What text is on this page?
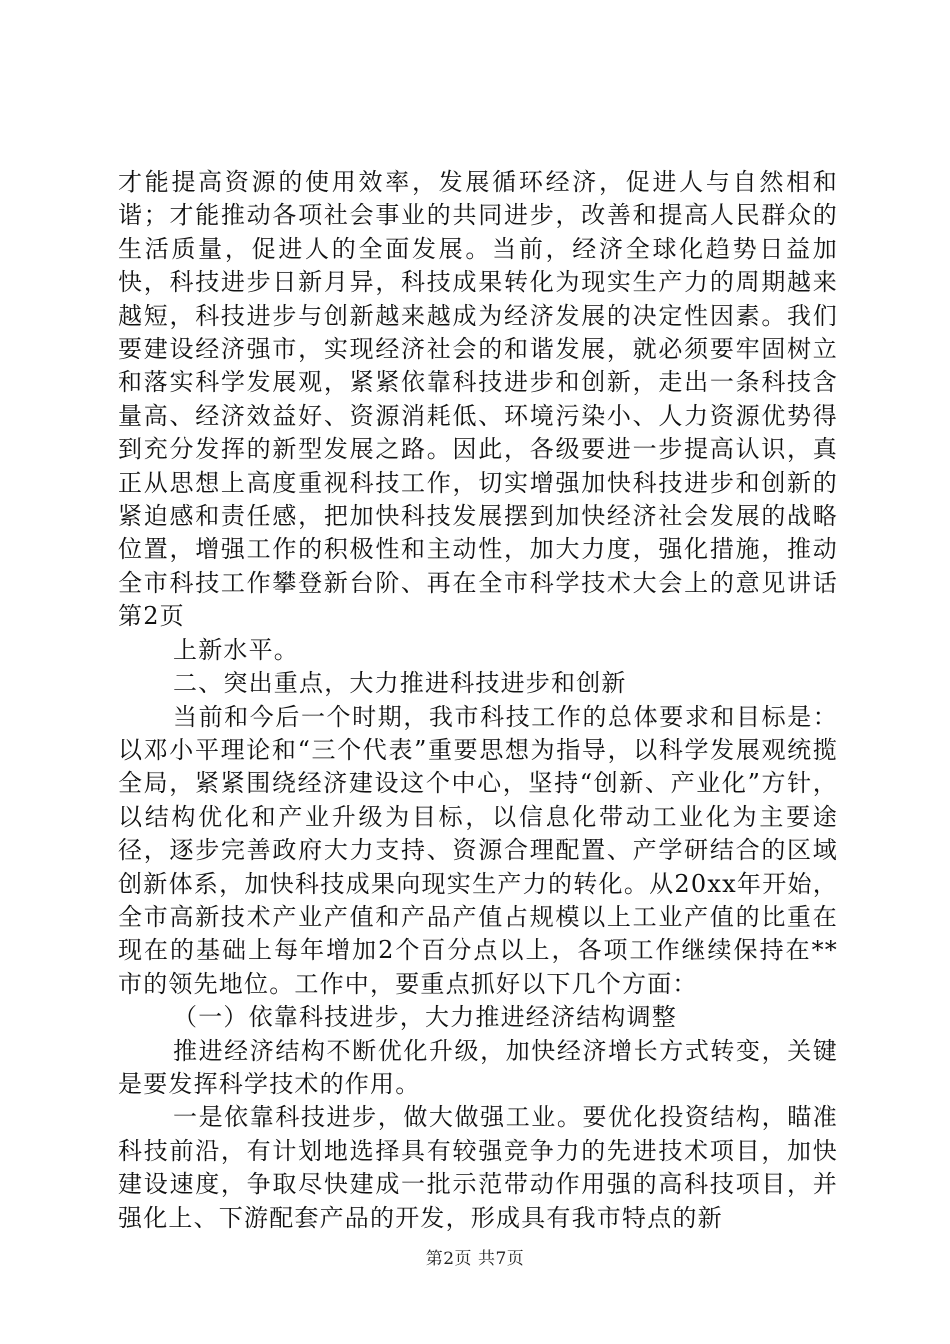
才能提高资源的使用效率，发展循环经济，促进人与自然相和谐；才能推动各项社会事业的共同进步，改善和提高人民群众的生活质量，促进人的全面发展。当前，经济全球化趋势日益加快，科技进步日新月异，科技成果转化为现实生产力的周期越来越短，科技进步与创新越来越成为经济发展的决定性因素。我们要建设经济强市，实现经济社会的和谐发展，就必须要牢固树立和落实科学发展观，紧紧依靠科技进步和创新，走出一条科技含量高、经济效益好、资源消耗低、环境污染小、人力资源优势得到充分发挥的新型发展之路。因此，各级要进一步提高认识，真正从思想上高度重视科技工作，切实增强加快科技进步和创新的紧迫感和责任感，把加快科技发展摆到加快经济社会发展的战略位置，增强工作的积极性和主动性，加大力度，强化措施，推动全市科技工作攀登新台阶、再在全市科学技术大会上的意见讲话第2页

上新水平。

二、突出重点，大力推进科技进步和创新

当前和今后一个时期，我市科技工作的总体要求和目标是：以邓小平理论和“三个代表”重要思想为指导，以科学发展观统揽全局，紧紧围绕经济建设这个中心，坚持“创新、产业化”方针，以结构优化和产业升级为目标，以信息化带动工业化为主要途径，逐步完善政府大力支持、资源合理配置、产学研结合的区域创新体系，加快科技成果向现实生产力的转化。从20xx年开始，全市高新技术产业产值和产品产值占规模以上工业产值的比重在现在的基础上每年增加2个百分点以上，各项工作继续保持在**市的领先地位。工作中，要重点抓好以下几个方面：

（一）依靠科技进步，大力推进经济结构调整

推进经济结构不断优化升级，加快经济增长方式转变，关键是要发挥科学技术的作用。

一是依靠科技进步，做大做强工业。要优化投资结构，瞄准科技前沿，有计划地选择具有较强竞争力的先进技术项目，加快建设速度，争取尽快建成一批示范带动作用强的高科技项目，并强化上、下游配套产品的开发，形成具有我市特点的新

第2页 共7页
